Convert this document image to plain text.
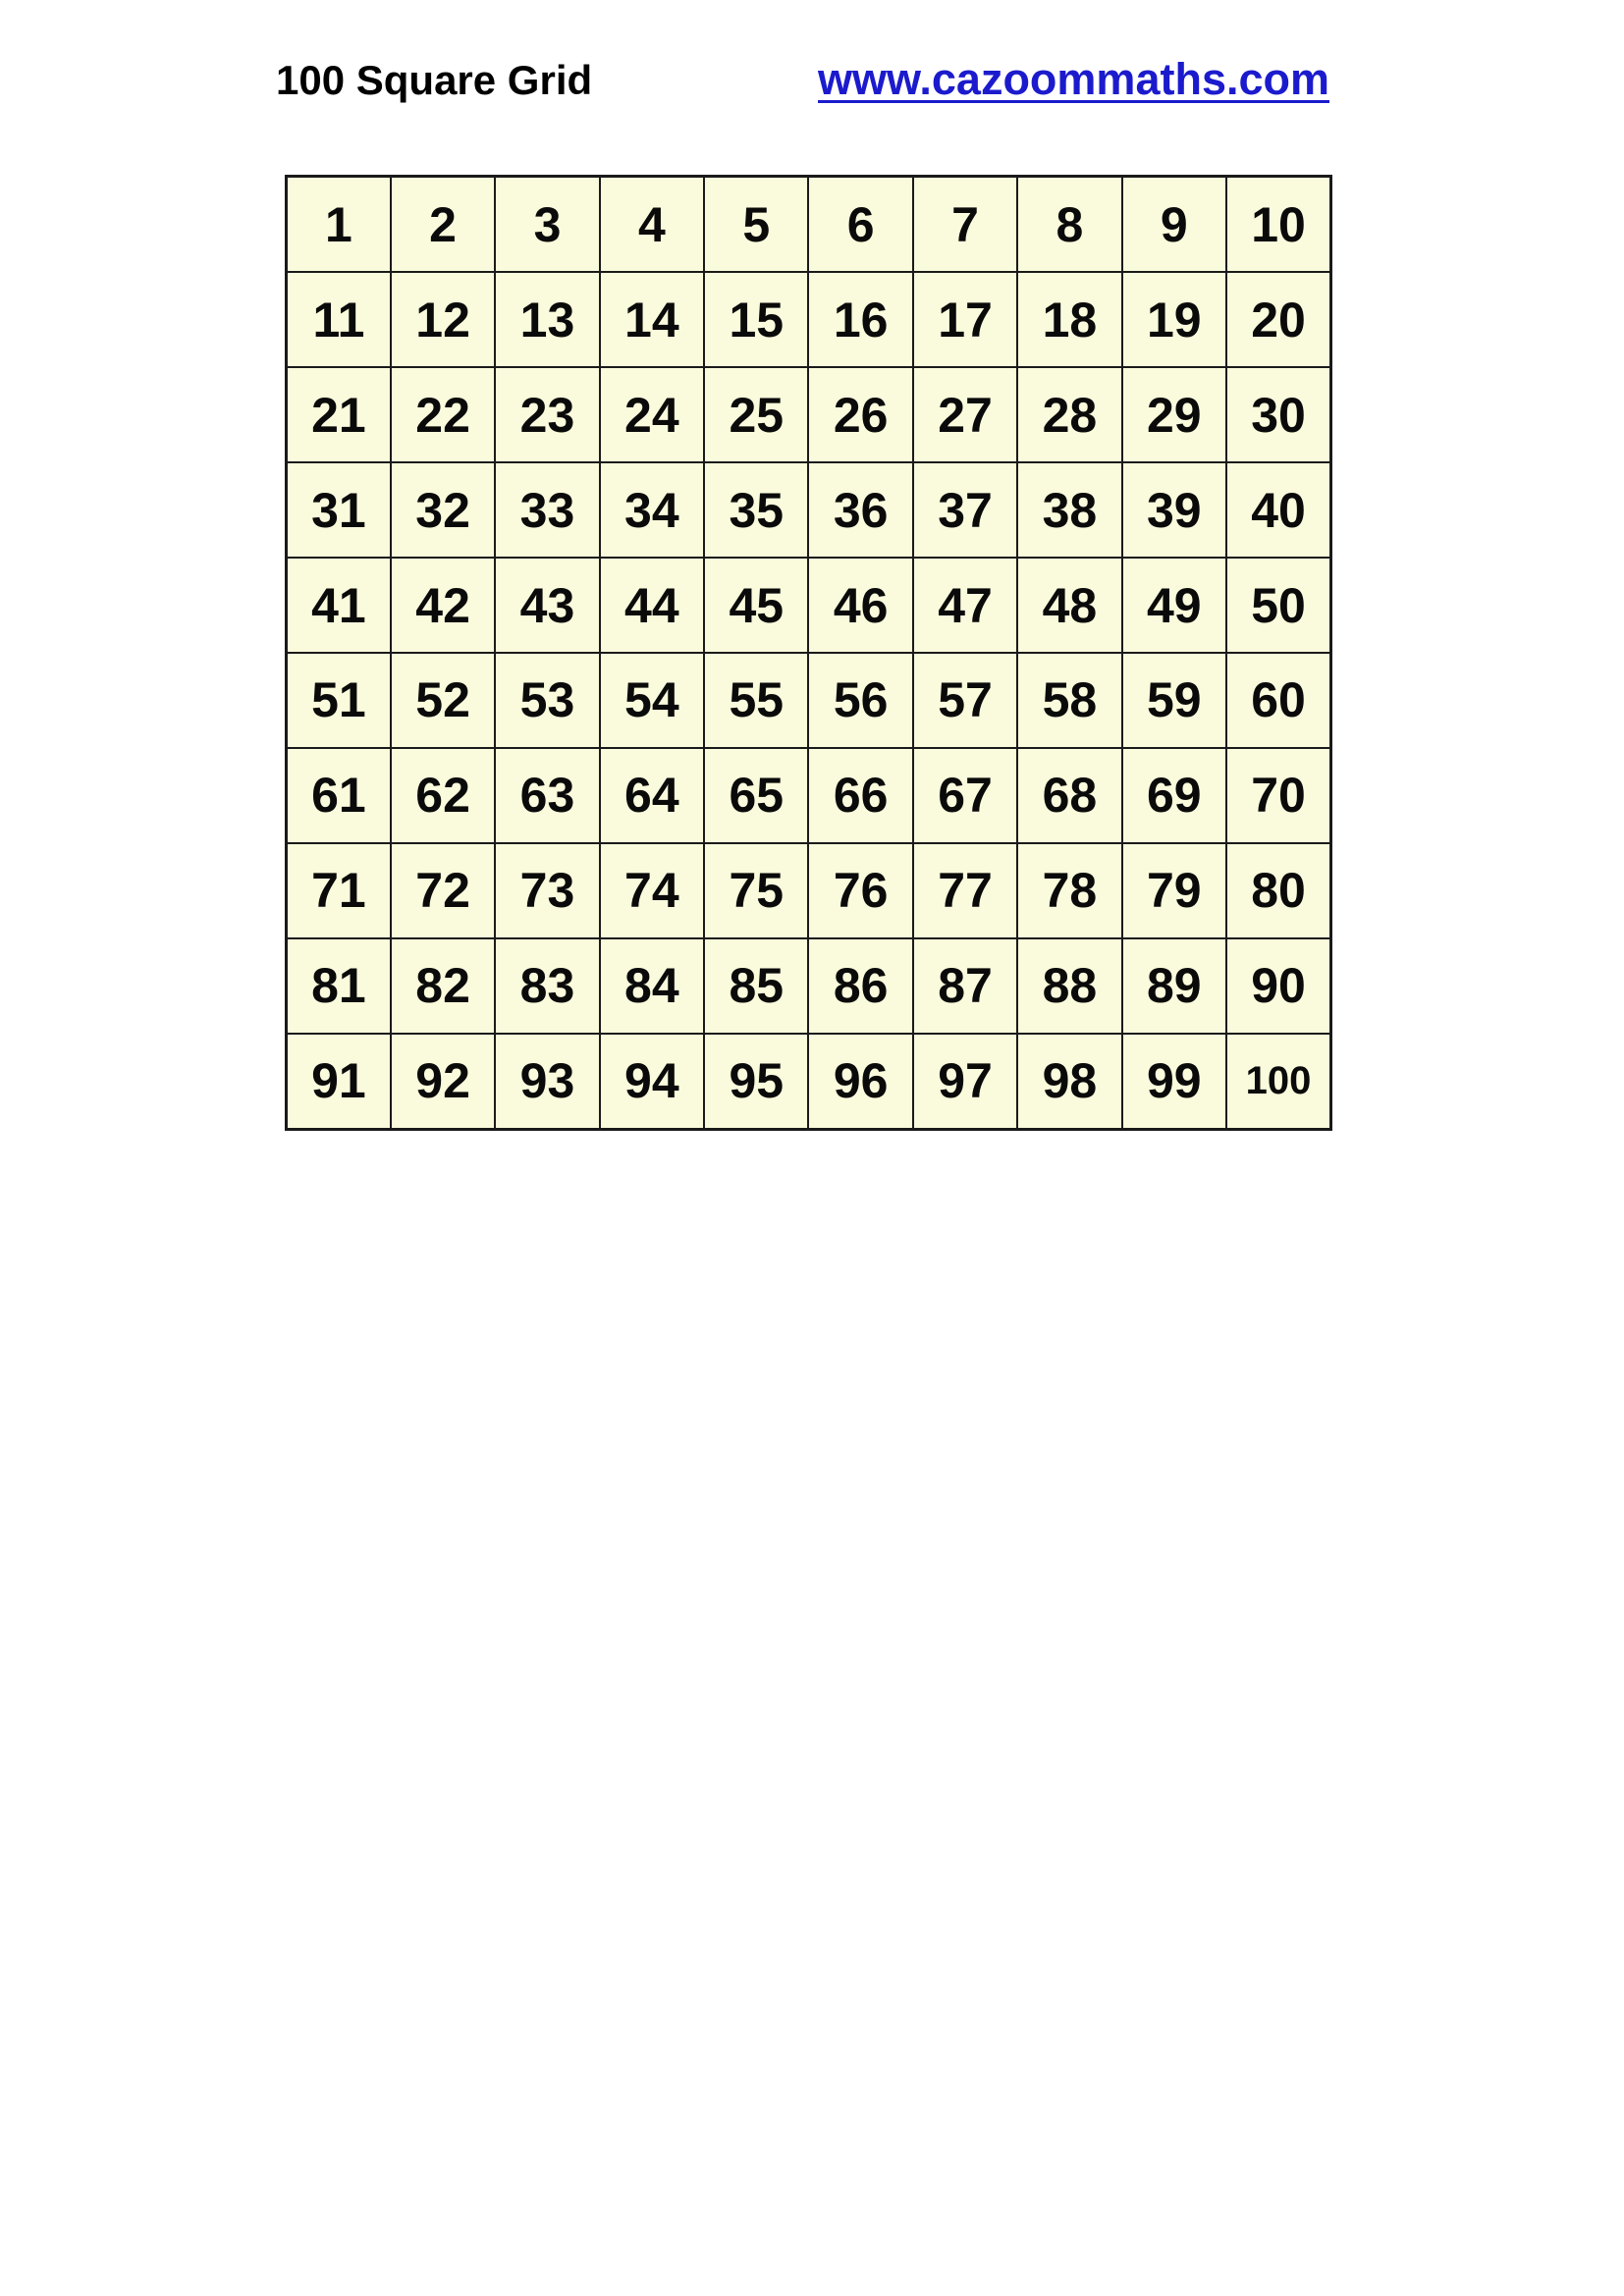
100 Square Grid	www.cazoommaths.com
1	2	3	4	5	6	7	8	9	10
11	12	13	14	15	16	17	18	19	20
21	22	23	24	25	26	27	28	29	30
31	32	33	34	35	36	37	38	39	40
41	42	43	44	45	46	47	48	49	50
51	52	53	54	55	56	57	58	59	60
61	62	63	64	65	66	67	68	69	70
71	72	73	74	75	76	77	78	79	80
81	82	83	84	85	86	87	88	89	90
91	92	93	94	95	96	97	98	99	100
